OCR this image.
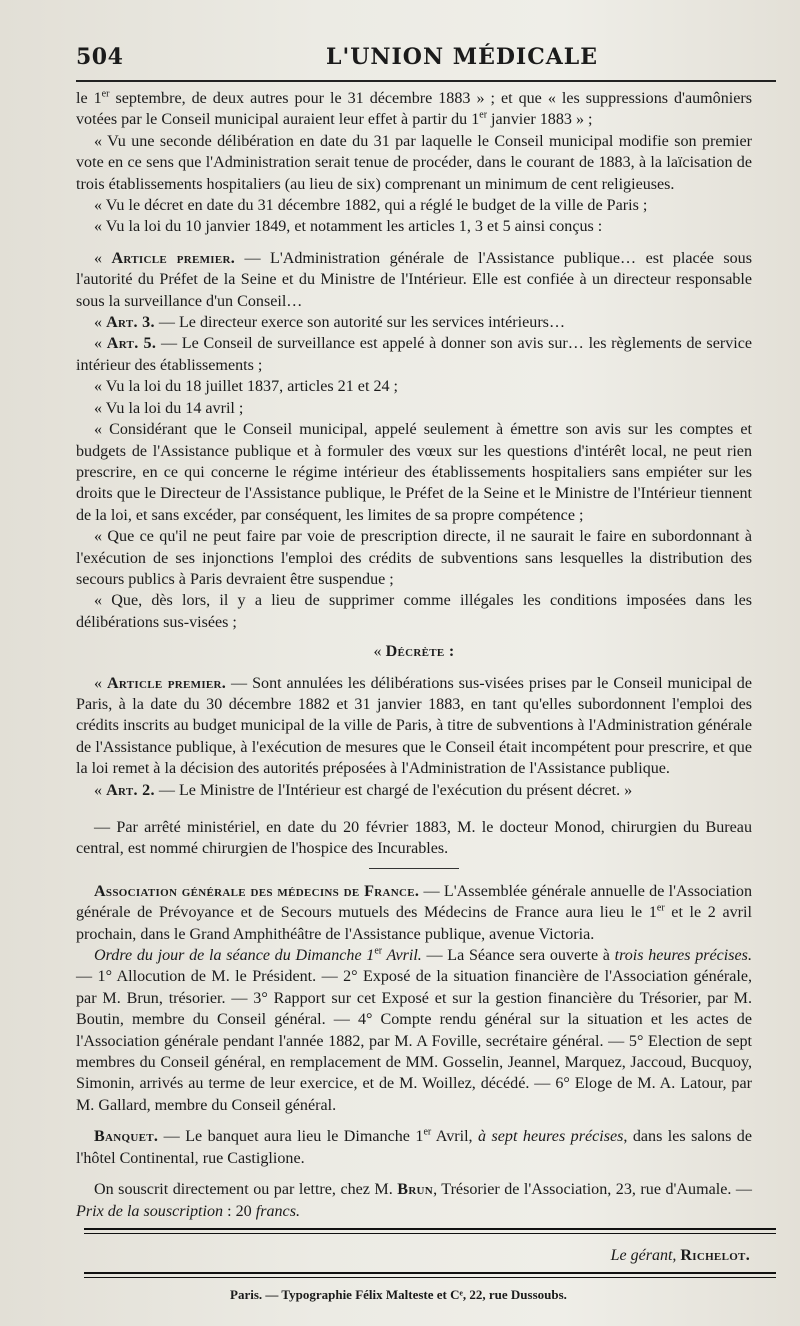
504	L'UNION MÉDICALE

le 1er septembre, de deux autres pour le 31 décembre 1883 » ; et que « les suppressions d'aumôniers votées par le Conseil municipal auraient leur effet à partir du 1er janvier 1883 » ;

« Vu une seconde délibération en date du 31 par laquelle le Conseil municipal modifie son premier vote en ce sens que l'Administration serait tenue de procéder, dans le courant de 1883, à la laïcisation de trois établissements hospitaliers (au lieu de six) comprenant un minimum de cent religieuses.

« Vu le décret en date du 31 décembre 1882, qui a réglé le budget de la ville de Paris ;

« Vu la loi du 10 janvier 1849, et notamment les articles 1, 3 et 5 ainsi conçus :

« Article premier. — L'Administration générale de l'Assistance publique… est placée sous l'autorité du Préfet de la Seine et du Ministre de l'Intérieur. Elle est confiée à un directeur responsable sous la surveillance d'un Conseil…

« Art. 3. — Le directeur exerce son autorité sur les services intérieurs…

« Art. 5. — Le Conseil de surveillance est appelé à donner son avis sur… les règlements de service intérieur des établissements ;

« Vu la loi du 18 juillet 1837, articles 21 et 24 ;

« Vu la loi du 14 avril ;

« Considérant que le Conseil municipal, appelé seulement à émettre son avis sur les comptes et budgets de l'Assistance publique et à formuler des vœux sur les questions d'intérêt local, ne peut rien prescrire, en ce qui concerne le régime intérieur des établissements hospitaliers sans empiéter sur les droits que le Directeur de l'Assistance publique, le Préfet de la Seine et le Ministre de l'Intérieur tiennent de la loi, et sans excéder, par conséquent, les limites de sa propre compétence ;

« Que ce qu'il ne peut faire par voie de prescription directe, il ne saurait le faire en subordonnant à l'exécution de ses injonctions l'emploi des crédits de subventions sans lesquelles la distribution des secours publics à Paris devraient être suspendue ;

« Que, dès lors, il y a lieu de supprimer comme illégales les conditions imposées dans les délibérations sus-visées ;

« Décrète :

« Article premier. — Sont annulées les délibérations sus-visées prises par le Conseil municipal de Paris, à la date du 30 décembre 1882 et 31 janvier 1883, en tant qu'elles subordonnent l'emploi des crédits inscrits au budget municipal de la ville de Paris, à titre de subventions à l'Administration générale de l'Assistance publique, à l'exécution de mesures que le Conseil était incompétent pour prescrire, et que la loi remet à la décision des autorités préposées à l'Administration de l'Assistance publique.

« Art. 2. — Le Ministre de l'Intérieur est chargé de l'exécution du présent décret. »

— Par arrêté ministériel, en date du 20 février 1883, M. le docteur Monod, chirurgien du Bureau central, est nommé chirurgien de l'hospice des Incurables.

Association générale des médecins de France. — L'Assemblée générale annuelle de l'Association générale de Prévoyance et de Secours mutuels des Médecins de France aura lieu le 1er et le 2 avril prochain, dans le Grand Amphithéâtre de l'Assistance publique, avenue Victoria.

Ordre du jour de la séance du Dimanche 1er Avril. — La Séance sera ouverte à trois heures précises. — 1° Allocution de M. le Président. — 2° Exposé de la situation financière de l'Association générale, par M. Brun, trésorier. — 3° Rapport sur cet Exposé et sur la gestion financière du Trésorier, par M. Boutin, membre du Conseil général. — 4° Compte rendu général sur la situation et les actes de l'Association générale pendant l'année 1882, par M. A Foville, secrétaire général. — 5° Election de sept membres du Conseil général, en remplacement de MM. Gosselin, Jeannel, Marquez, Jaccoud, Bucquoy, Simonin, arrivés au terme de leur exercice, et de M. Woillez, décédé. — 6° Eloge de M. A. Latour, par M. Gallard, membre du Conseil général.

Banquet. — Le banquet aura lieu le Dimanche 1er Avril, à sept heures précises, dans les salons de l'hôtel Continental, rue Castiglione.

On souscrit directement ou par lettre, chez M. Brun, Trésorier de l'Association, 23, rue d'Aumale. — Prix de la souscription : 20 francs.

Le gérant, Richelot.
Paris. — Typographie Félix Malteste et Cᵉ, 22, rue Dussoubs.
